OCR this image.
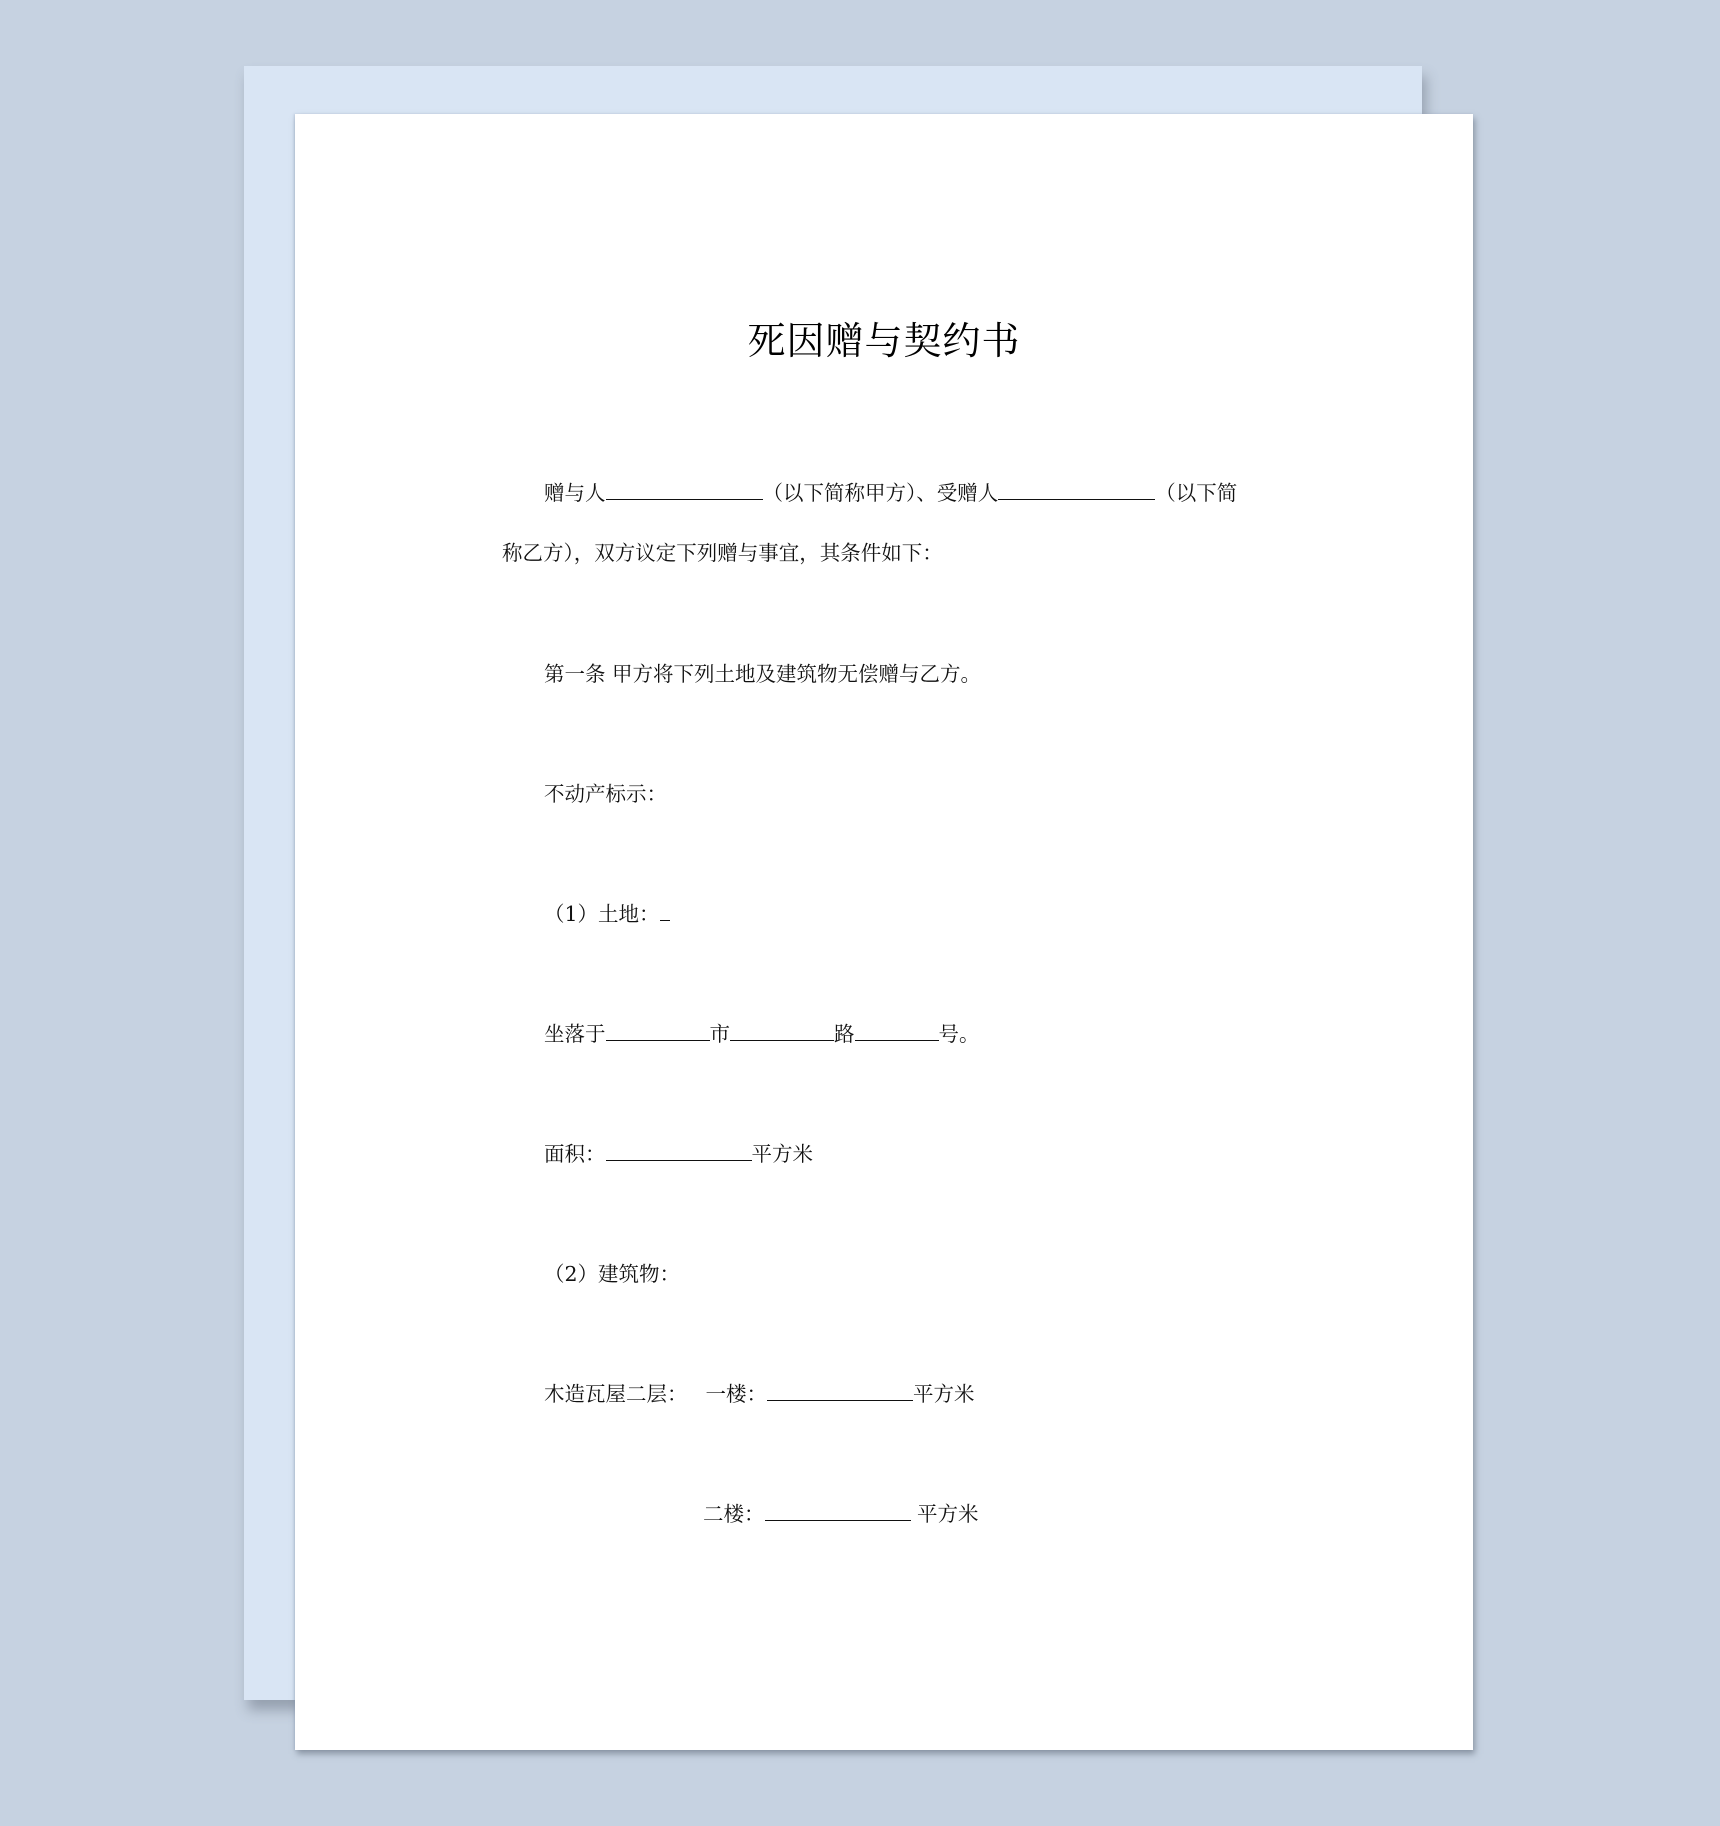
死因赠与契约书
赠与人	（以下简称甲方）、受赠人	（以下简
称乙方），双方议定下列赠与事宜，其条件如下：
第一条 甲方将下列土地及建筑物无偿赠与乙方。
不动产标示：
（1）土地：
坐落于	市	路	号。
面积：	平方米
（2）建筑物：
木造瓦屋二层： 一楼：	平方米
二楼：	平方米
